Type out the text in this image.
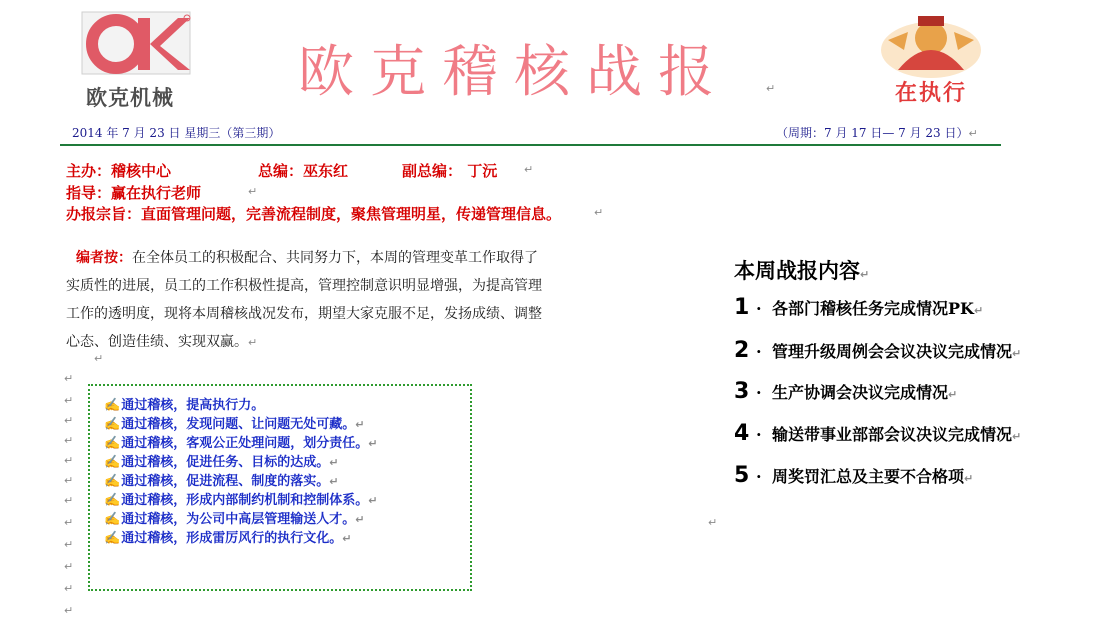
欧克机械 欧克稽核战报	↵	在执行
2014 年 7 月 23 日 星期三（第三期）	（周期：7 月 17 日— 7 月 23 日）↵
主办：稽核中心	总编：巫东红	副总编： 丁沅 ↵
指导：赢在执行老师	↵
办报宗旨：直面管理问题，完善流程制度，聚焦管理明星，传递管理信息。	↵
编者按：在全体员工的积极配合、共同努力下，本周的管理变革工作取得了
实质性的进展，员工的工作积极性提高，管理控制意识明显增强，为提高管理
工作的透明度，现将本周稽核战况发布，期望大家克服不足，发扬成绩、调整
心态、创造佳绩、实现双赢。↵
↵
↵
↵
↵
↵
↵
↵
↵
↵
↵
↵
↵
↵
✍通过稽核，提高执行力。
✍通过稽核，发现问题、让问题无处可藏。↵
✍通过稽核，客观公正处理问题，划分责任。↵
✍通过稽核，促进任务、目标的达成。↵
✍通过稽核，促进流程、制度的落实。↵
✍通过稽核，形成内部制约机制和控制体系。↵
✍通过稽核，为公司中高层管理输送人才。↵
✍通过稽核，形成雷厉风行的执行文化。↵
↵
本周战报内容↵
1 · 各部门稽核任务完成情况PK↵
2 · 管理升级周例会会议决议完成情况↵
3 · 生产协调会决议完成情况↵
4 · 输送带事业部部会议决议完成情况↵
5 · 周奖罚汇总及主要不合格项↵
